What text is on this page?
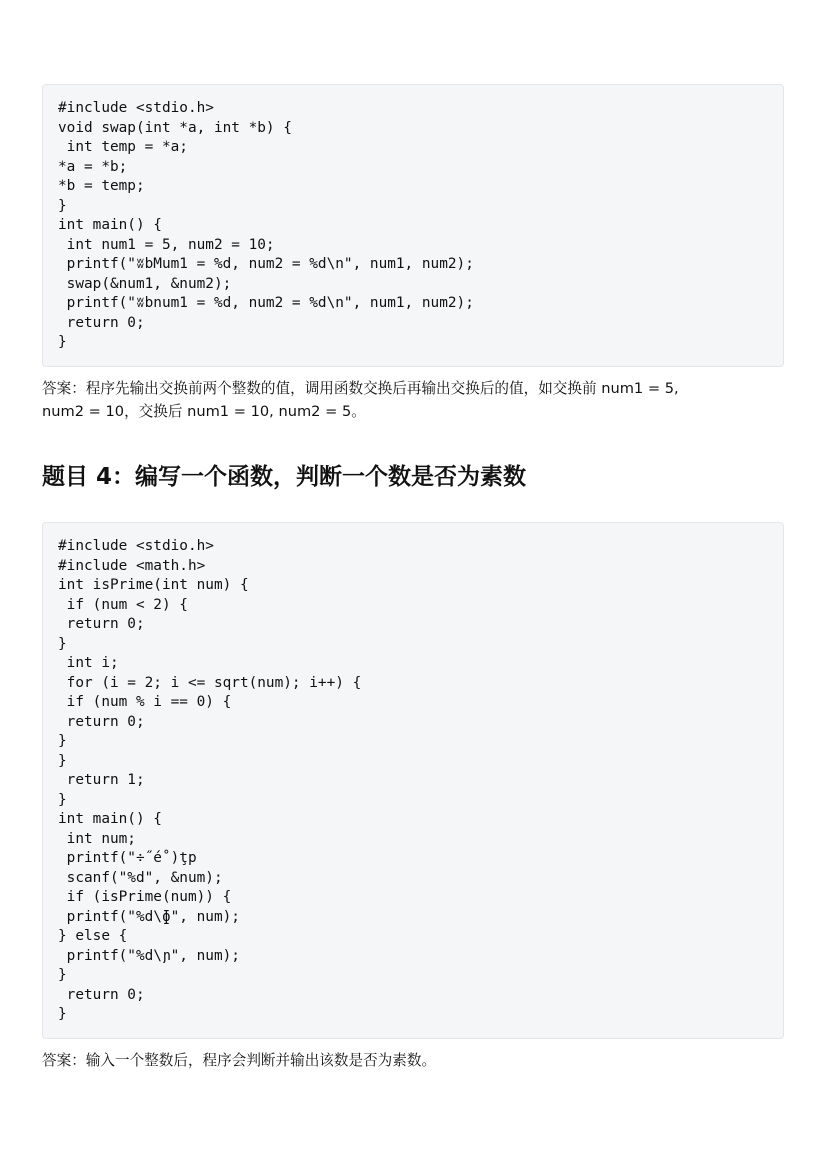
#include <stdio.h>
void swap(int *a, int *b) {
int temp = *a;
*a = *b;
*b = temp;
}
int main() {
int num1 = 5, num2 = 10;
printf("ʬbMum1 = %d, num2 = %d\n", num1, num2);
swap(&num1, &num2);
printf("ʬbnum1 = %d, num2 = %d\n", num1, num2);
return 0;
}
答案：程序先输出交换前两个整数的值，调用函数交换后再输出交换后的值，如交换前 num1 = 5,
num2 = 10，交换后 num1 = 10, num2 = 5。
题目 4：编写一个函数，判断一个数是否为素数
#include <stdio.h>
#include <math.h>
int isPrime(int num) {
if (num < 2) {
return 0;
}
int i;
for (i = 2; i <= sqrt(num); i++) {
if (num % i == 0) {
return 0;
}
}
return 1;
}
int main() {
int num;
printf("÷˝é˚)ţp
scanf("%d", &num);
if (isPrime(num)) {
printf("%d\ɸ", num);
} else {
printf("%d\ɲ", num);
}
return 0;
}
答案：输入一个整数后，程序会判断并输出该数是否为素数。
